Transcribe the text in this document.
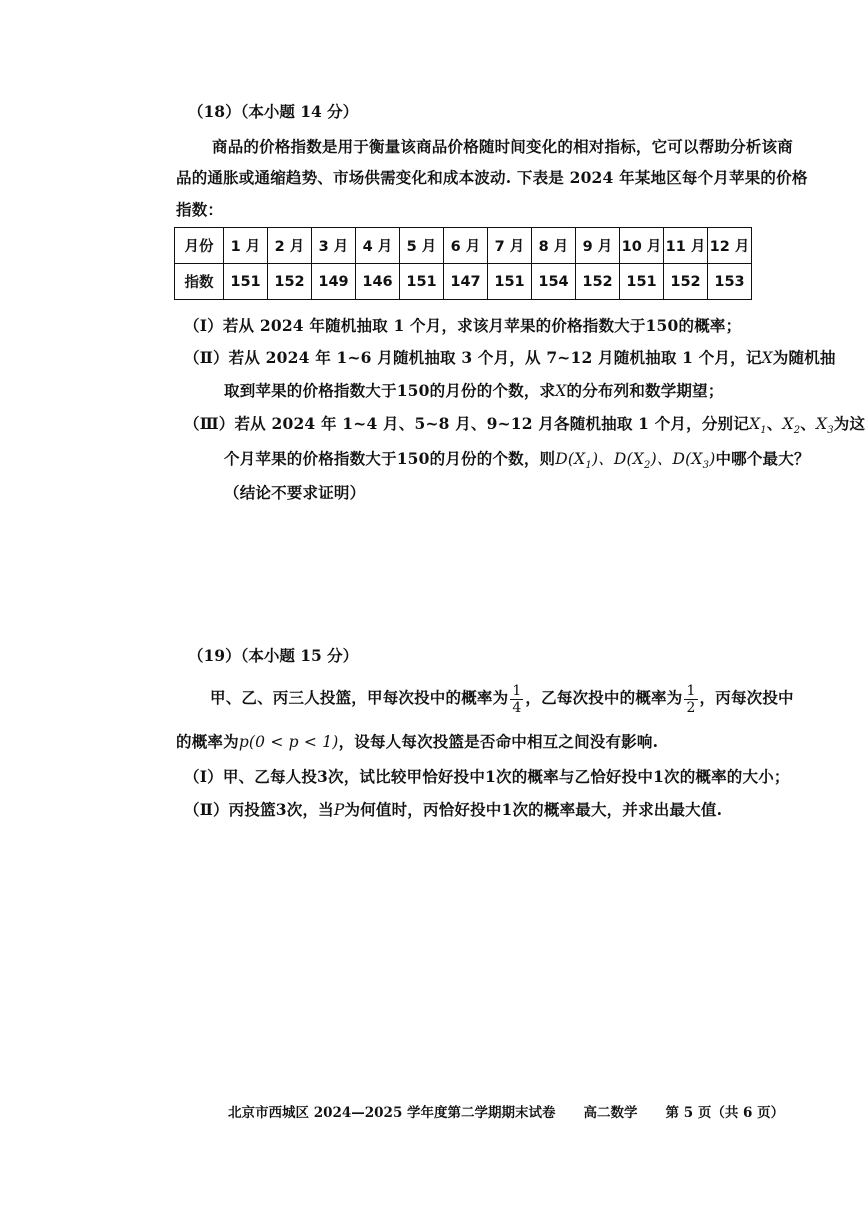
（18）（本小题 14 分）
商品的价格指数是用于衡量该商品价格随时间变化的相对指标，它可以帮助分析该商
品的通胀或通缩趋势、市场供需变化和成本波动. 下表是 2024 年某地区每个月苹果的价格
指数：
月份	1 月	2 月	3 月	4 月	5 月	6 月	7 月	8 月	9 月	10 月	11 月	12 月
指数	151	152	149	146	151	147	151	154	152	151	152	153
（Ⅰ）若从 2024 年随机抽取 1 个月，求该月苹果的价格指数大于150的概率；
（Ⅱ）若从 2024 年 1~6 月随机抽取 3 个月，从 7~12 月随机抽取 1 个月，记X为随机抽
取到苹果的价格指数大于150的月份的个数，求X的分布列和数学期望；
（Ⅲ）若从 2024 年 1~4 月、5~8 月、9~12 月各随机抽取 1 个月，分别记$X_1$、$X_2$、$X_3$为这
个月苹果的价格指数大于150的月份的个数，则$D(X_1)$、$D(X_2)$、$D(X_3)$中哪个最大？
（结论不要求证明）
（19）（本小题 15 分）
甲、乙、丙三人投篮，甲每次投中的概率为 $\frac{1}{4}$ ，乙每次投中的概率为 $\frac{1}{2}$ ，丙每次投中
的概率为p(0 < p < 1)，设每人每次投篮是否命中相互之间没有影响.
（Ⅰ）甲、乙每人投3次，试比较甲恰好投中1次的概率与乙恰好投中1次的概率的大小；
（Ⅱ）丙投篮3次，当P为何值时，丙恰好投中1次的概率最大，并求出最大值.
北京市西城区 2024—2025 学年度第二学期期末试卷 高二数学 第 5 页（共 6 页）
